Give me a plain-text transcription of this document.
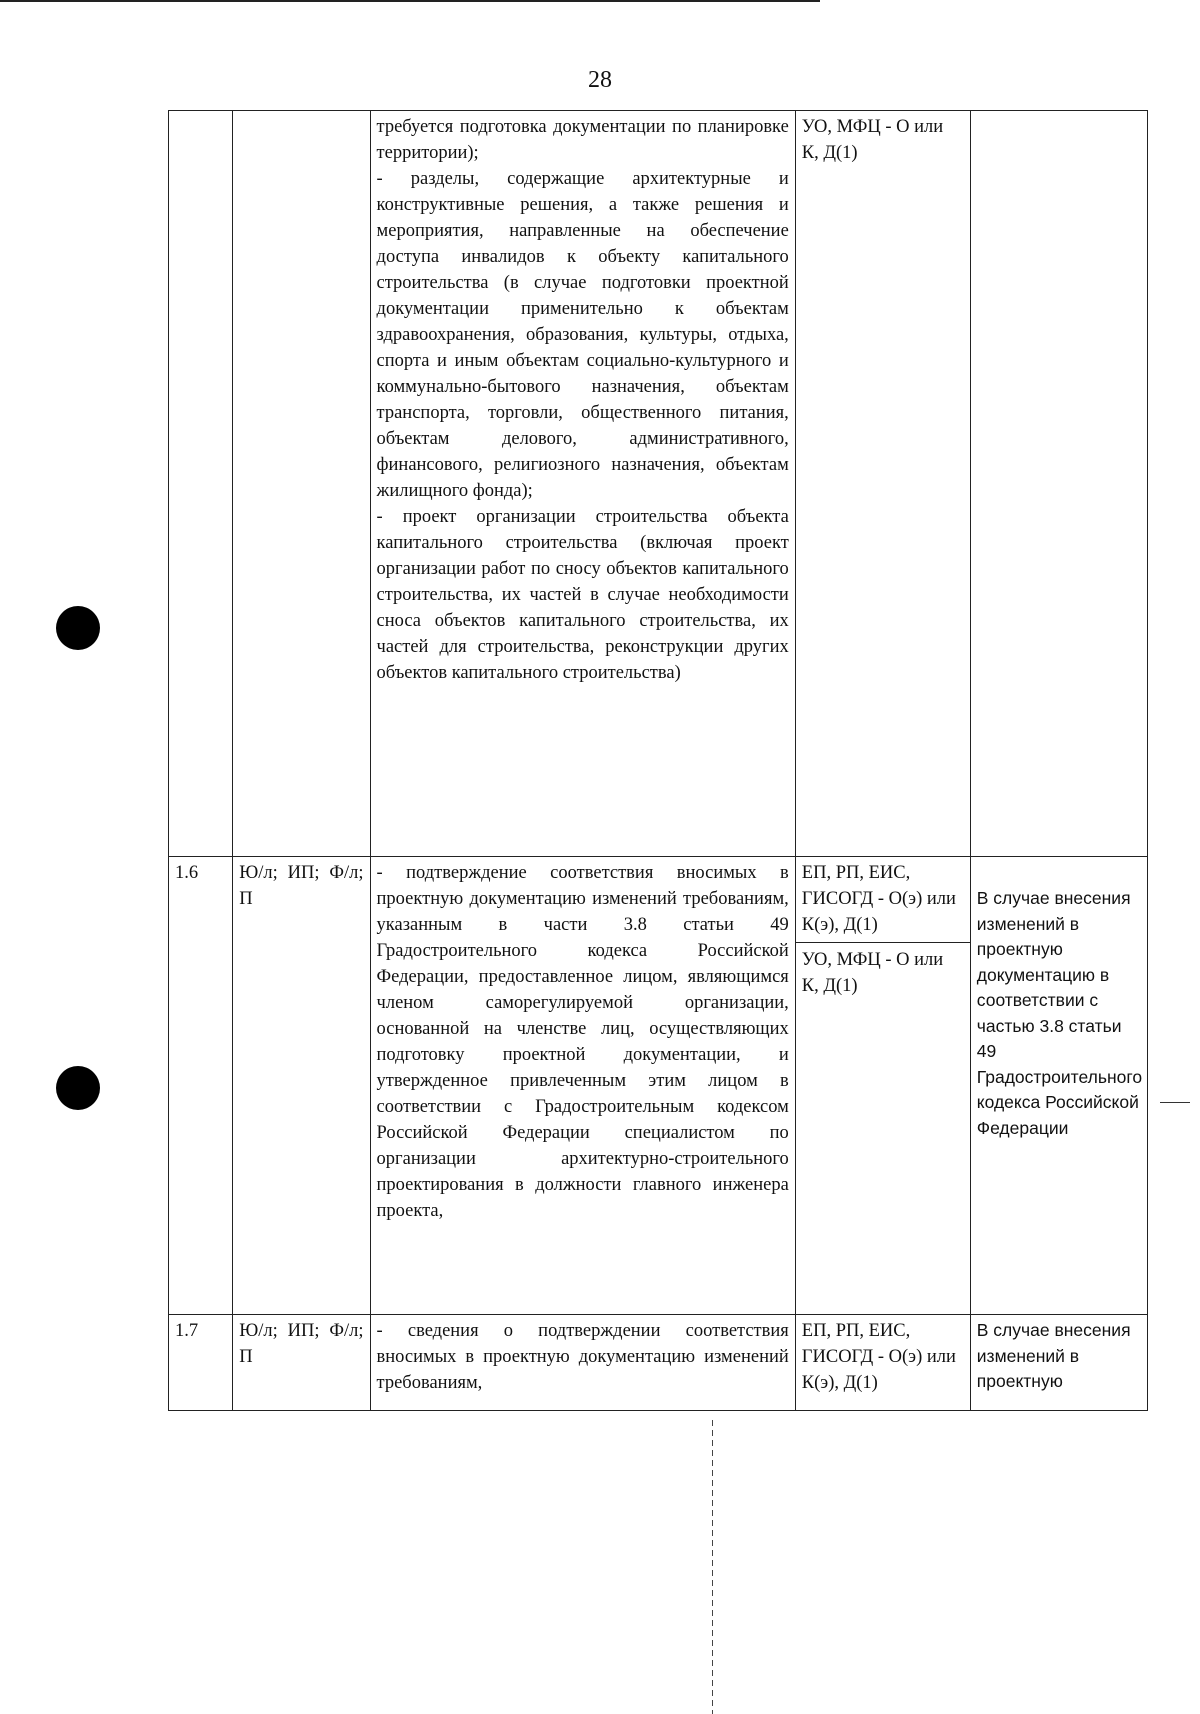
28

		требуется подготовка документации по планировке территории);
- разделы, содержащие архитектурные и конструктивные решения, а также решения и мероприятия, направленные на обеспечение доступа инвалидов к объекту капитального строительства (в случае подготовки проектной документации применительно к объектам здравоохранения, образования, культуры, отдыха, спорта и иным объектам социально-культурного и коммунально-бытового назначения, объектам транспорта, торговли, общественного питания, объектам делового, административного, финансового, религиозного назначения, объектам жилищного фонда);
- проект организации строительства объекта капитального строительства (включая проект организации работ по сносу объектов капитального строительства, их частей в случае необходимости сноса объектов капитального строительства, их частей для строительства, реконструкции других объектов капитального строительства)	УО, МФЦ - О или К, Д(1)	

1.6	Ю/л; ИП; Ф/л; П	- подтверждение соответствия вносимых в проектную документацию изменений требованиям, указанным в части 3.8 статьи 49 Градостроительного кодекса Российской Федерации, предоставленное лицом, являющимся членом саморегулируемой организации, основанной на членстве лиц, осуществляющих подготовку проектной документации, и утвержденное привлеченным этим лицом в соответствии с Градостроительным кодексом Российской Федерации специалистом по организации архитектурно-строительного проектирования в должности главного инженера проекта,	ЕП, РП, ЕИС, ГИСОГД - О(э) или К(э), Д(1)
УО, МФЦ - О или К, Д(1)	В случае внесения изменений в проектную документацию в соответствии с частью 3.8 статьи 49 Градостроительного кодекса Российской Федерации

1.7	Ю/л; ИП; Ф/л; П	- сведения о подтверждении соответствия вносимых в проектную документацию изменений требованиям,	ЕП, РП, ЕИС, ГИСОГД - О(э) или К(э), Д(1)	В случае внесения изменений в проектную
